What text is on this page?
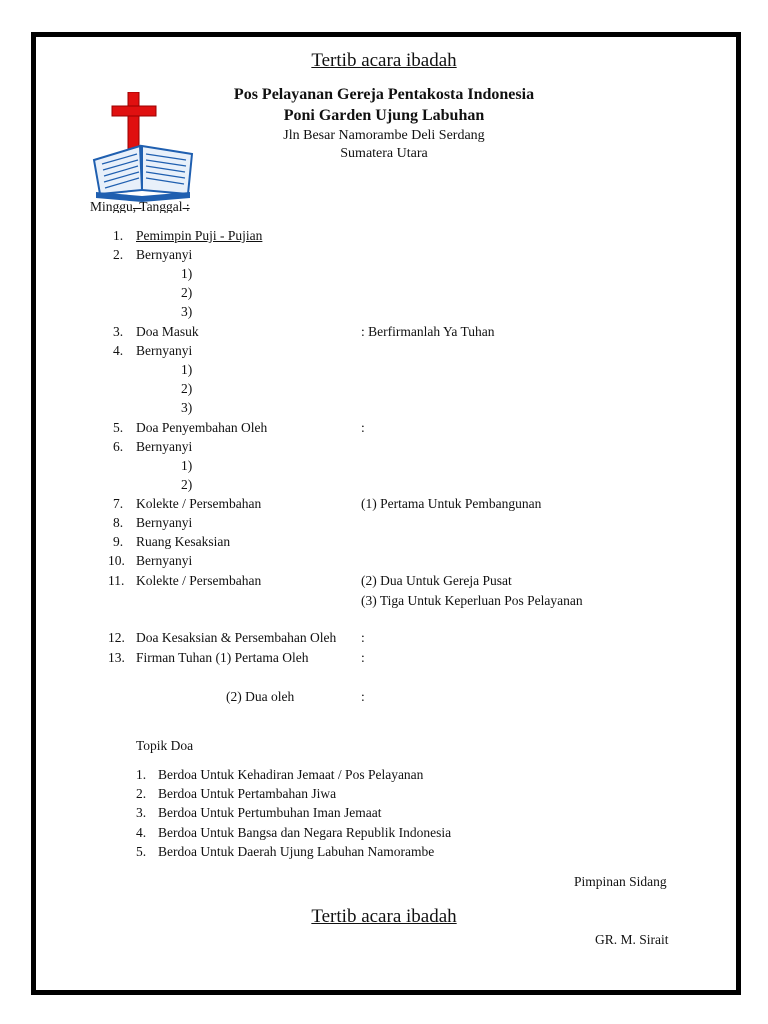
Tertib acara ibadah
Pos Pelayanan Gereja Pentakosta Indonesia
Poni Garden Ujung Labuhan
Jln Besar Namorambe Deli Serdang
Sumatera Utara
Minggu, Tanggal :
1. Pemimpin Puji - Pujian
2. Bernyanyi
1)
2)
3)
3. Doa Masuk	: Berfirmanlah Ya Tuhan
4. Bernyanyi
1)
2)
3)
5. Doa Penyembahan Oleh	:
6. Bernyanyi
1)
2)
7. Kolekte / Persembahan	(1) Pertama Untuk Pembangunan
8. Bernyanyi
9. Ruang Kesaksian
10. Bernyanyi
11. Kolekte / Persembahan	(2) Dua Untuk Gereja Pusat
(3) Tiga Untuk Keperluan Pos Pelayanan
12. Doa Kesaksian & Persembahan Oleh :
13. Firman Tuhan (1) Pertama Oleh	:
(2) Dua oleh	:
Topik Doa
1. Berdoa Untuk Kehadiran Jemaat / Pos Pelayanan
2. Berdoa Untuk Pertambahan Jiwa
3. Berdoa Untuk Pertumbuhan Iman Jemaat
4. Berdoa Untuk Bangsa dan Negara Republik Indonesia
5. Berdoa Untuk Daerah Ujung Labuhan Namorambe
Pimpinan Sidang
Tertib acara ibadah
GR. M. Sirait
